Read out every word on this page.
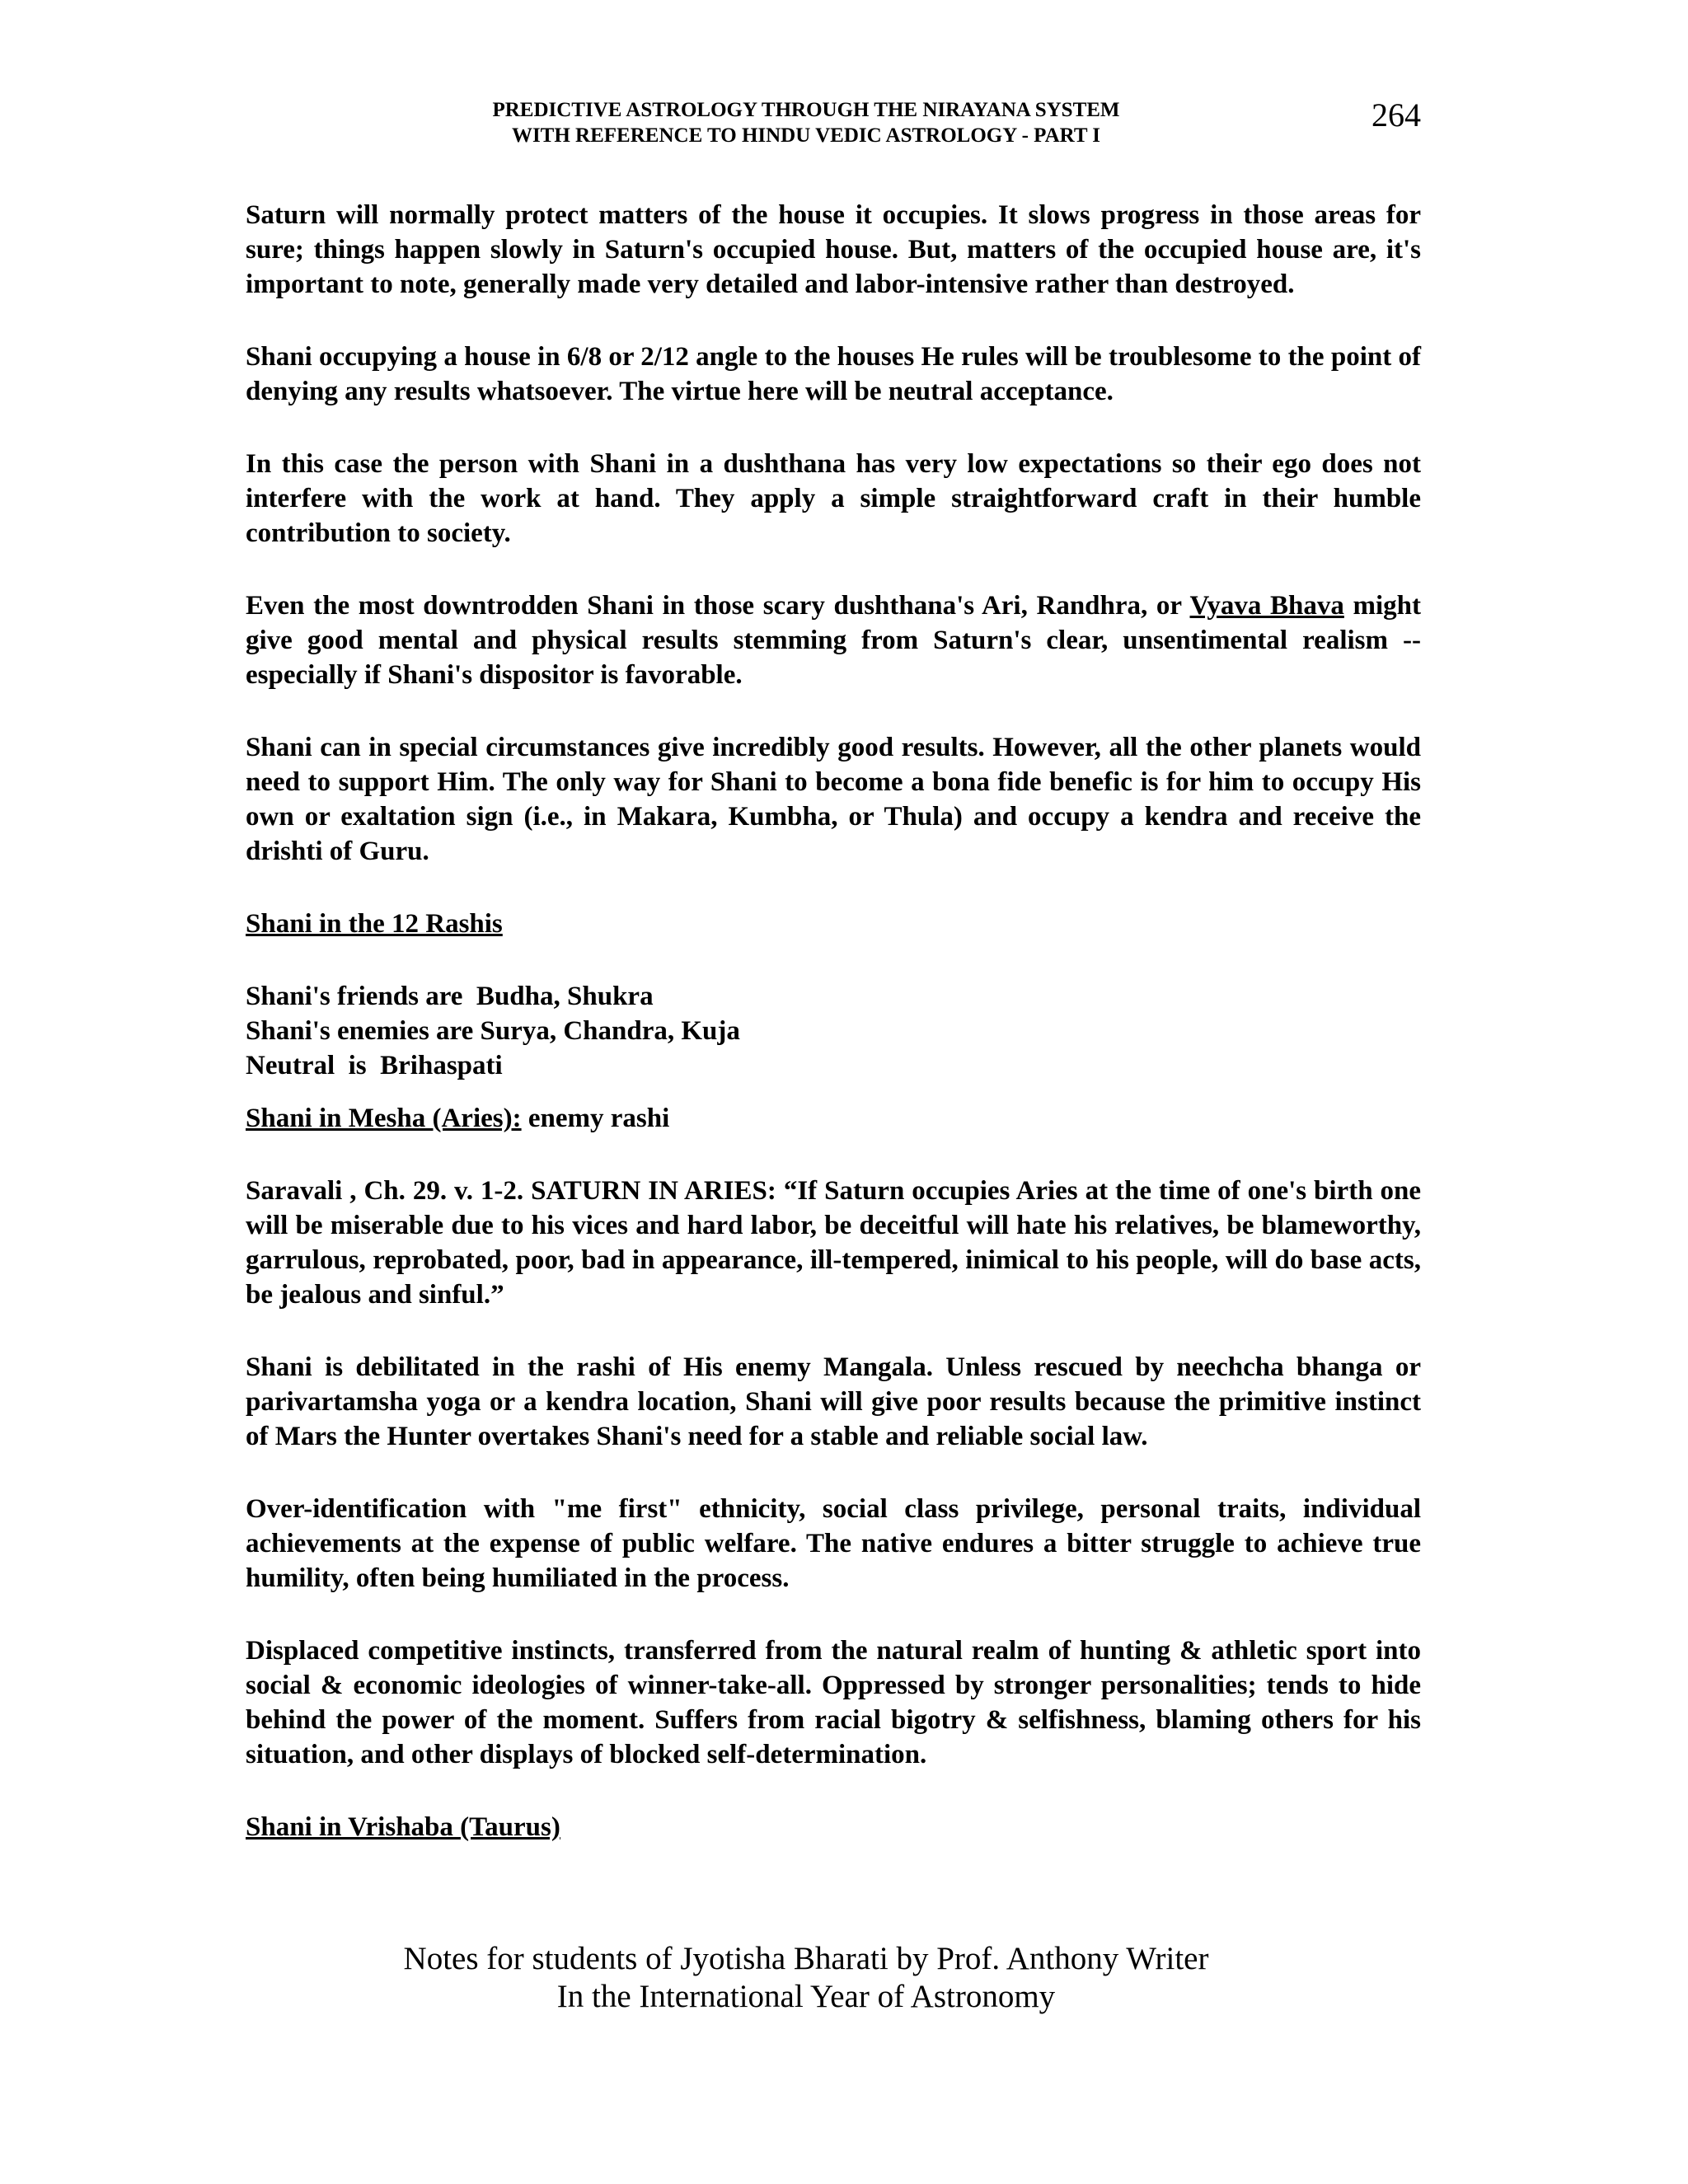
PREDICTIVE ASTROLOGY THROUGH THE NIRAYANA SYSTEM
WITH REFERENCE TO HINDU VEDIC ASTROLOGY - PART I
264

Saturn will normally protect matters of the house it occupies. It slows progress in those areas for sure; things happen slowly in Saturn's occupied house. But, matters of the occupied house are, it's important to note, generally made very detailed and labor-intensive rather than destroyed.

Shani occupying a house in 6/8 or 2/12 angle to the houses He rules will be troublesome to the point of denying any results whatsoever. The virtue here will be neutral acceptance.

In this case the person with Shani in a dushthana has very low expectations so their ego does not interfere with the work at hand. They apply a simple straightforward craft in their humble contribution to society.

Even the most downtrodden Shani in those scary dushthana's Ari, Randhra, or Vyava Bhava might give good mental and physical results stemming from Saturn's clear, unsentimental realism -- especially if Shani's dispositor is favorable.

Shani can in special circumstances give incredibly good results. However, all the other planets would need to support Him. The only way for Shani to become a bona fide benefic is for him to occupy His own or exaltation sign (i.e., in Makara, Kumbha, or Thula) and occupy a kendra and receive the drishti of Guru.

Shani in the 12 Rashis
Shani's friends are  Budha, Shukra
Shani's enemies are Surya, Chandra, Kuja
Neutral  is  Brihaspati
Shani in Mesha (Aries): enemy rashi

Saravali , Ch. 29. v. 1-2. SATURN IN ARIES: “If Saturn occupies Aries at the time of one's birth one will be miserable due to his vices and hard labor, be deceitful will hate his relatives, be blameworthy, garrulous, reprobated, poor, bad in appearance, ill-tempered, inimical to his people, will do base acts, be jealous and sinful.”

Shani is debilitated in the rashi of His enemy Mangala. Unless rescued by neechcha bhanga or parivartamsha yoga or a kendra location, Shani will give poor results because the primitive instinct of Mars the Hunter overtakes Shani's need for a stable and reliable social law.

Over-identification with "me first" ethnicity, social class privilege, personal traits, individual achievements at the expense of public welfare. The native endures a bitter struggle to achieve true humility, often being humiliated in the process.

Displaced competitive instincts, transferred from the natural realm of hunting & athletic sport into social & economic ideologies of winner-take-all. Oppressed by stronger personalities; tends to hide behind the power of the moment. Suffers from racial bigotry & selfishness, blaming others for his situation, and other displays of blocked self-determination.

Shani in Vrishaba (Taurus)
Notes for students of Jyotisha Bharati by Prof. Anthony Writer
In the International Year of Astronomy
